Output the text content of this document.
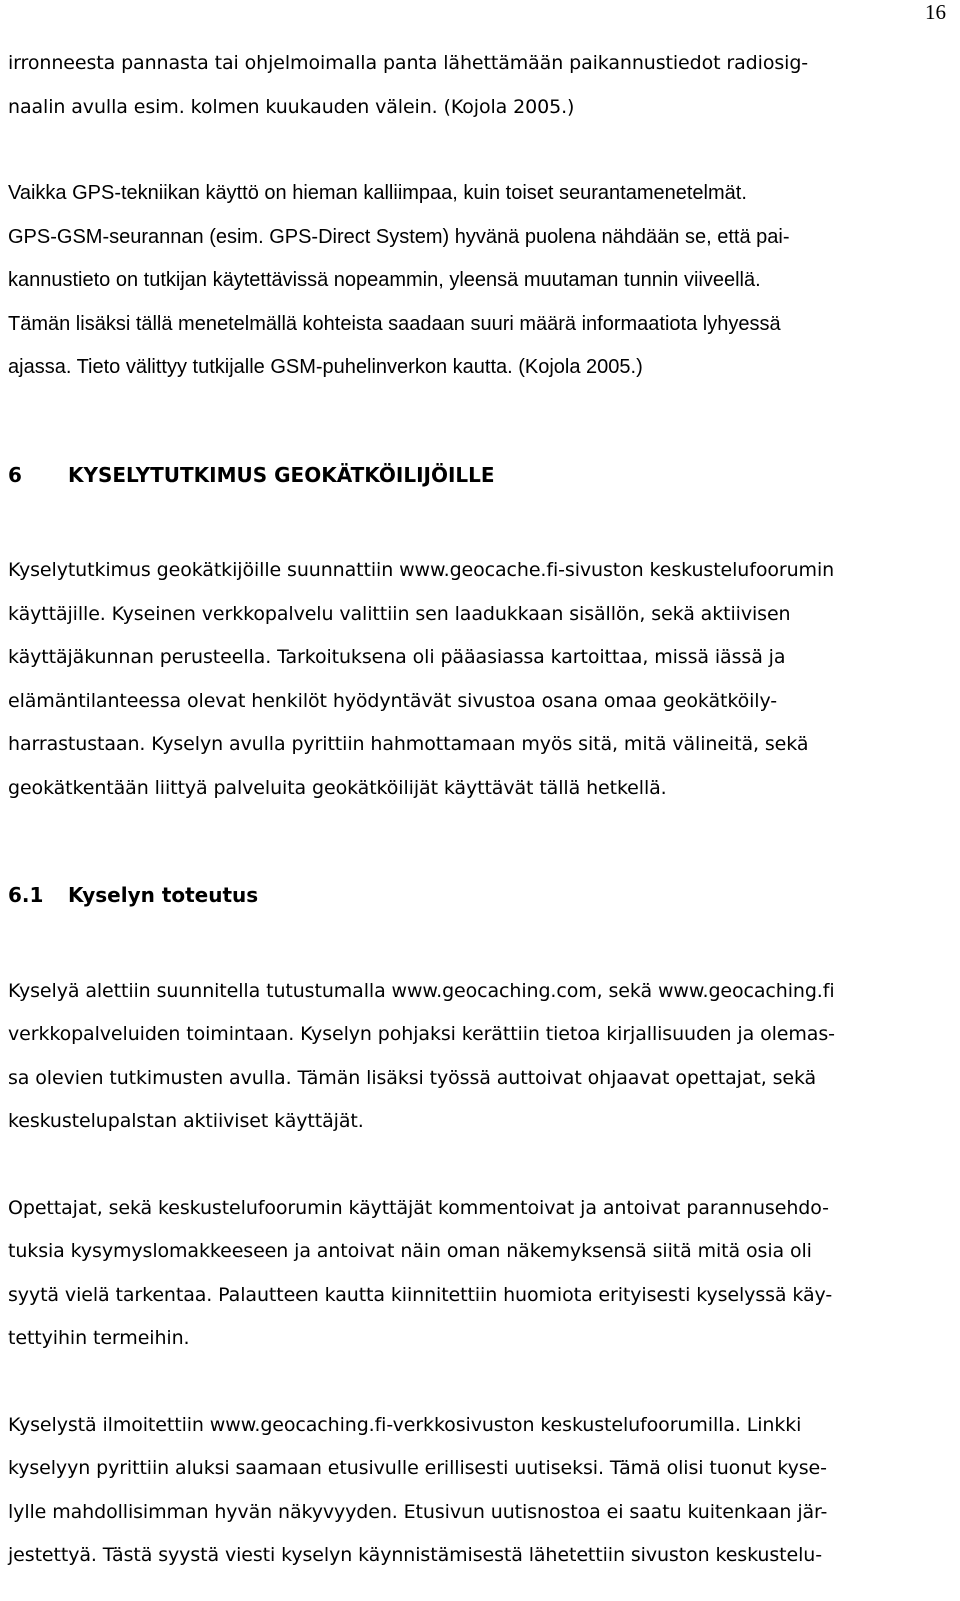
16

irronneesta pannasta tai ohjelmoimalla panta lähettämään paikannustiedot radiosig-
naalin avulla esim. kolmen kuukauden välein. (Kojola 2005.)

Vaikka GPS-tekniikan käyttö on hieman kalliimpaa, kuin toiset seurantamenetelmät.
GPS-GSM-seurannan (esim. GPS-Direct System) hyvänä puolena nähdään se, että pai-
kannustieto on tutkijan käytettävissä nopeammin, yleensä muutaman tunnin viiveellä.
Tämän lisäksi tällä menetelmällä kohteista saadaan suuri määrä informaatiota lyhyessä
ajassa. Tieto välittyy tutkijalle GSM-puhelinverkon kautta. (Kojola 2005.)

6	KYSELYTUTKIMUS GEOKÄTKÖILIJÖILLE

Kyselytutkimus geokätkijöille suunnattiin www.geocache.fi-sivuston keskustelufoorumin
käyttäjille. Kyseinen verkkopalvelu valittiin sen laadukkaan sisällön, sekä aktiivisen
käyttäjäkunnan perusteella. Tarkoituksena oli pääasiassa kartoittaa, missä iässä ja
elämäntilanteessa olevat henkilöt hyödyntävät sivustoa osana omaa geokätköily-
harrastustaan. Kyselyn avulla pyrittiin hahmottamaan myös sitä, mitä välineitä, sekä
geokätkentään liittyä palveluita geokätköilijät käyttävät tällä hetkellä.

6.1	Kyselyn toteutus

Kyselyä alettiin suunnitella tutustumalla www.geocaching.com, sekä www.geocaching.fi
verkkopalveluiden toimintaan. Kyselyn pohjaksi kerättiin tietoa kirjallisuuden ja olemas-
sa olevien tutkimusten avulla. Tämän lisäksi työssä auttoivat ohjaavat opettajat, sekä
keskustelupalstan aktiiviset käyttäjät.

Opettajat, sekä keskustelufoorumin käyttäjät kommentoivat ja antoivat parannusehdo-
tuksia kysymyslomakkeeseen ja antoivat näin oman näkemyksensä siitä mitä osia oli
syytä vielä tarkentaa. Palautteen kautta kiinnitettiin huomiota erityisesti kyselyssä käy-
tettyihin termeihin.

Kyselystä ilmoitettiin www.geocaching.fi-verkkosivuston keskustelufoorumilla. Linkki
kyselyyn pyrittiin aluksi saamaan etusivulle erillisesti uutiseksi. Tämä olisi tuonut kyse-
lylle mahdollisimman hyvän näkyvyyden. Etusivun uutisnostoa ei saatu kuitenkaan jär-
jestettyä. Tästä syystä viesti kyselyn käynnistämisestä lähetettiin sivuston keskustelu-
